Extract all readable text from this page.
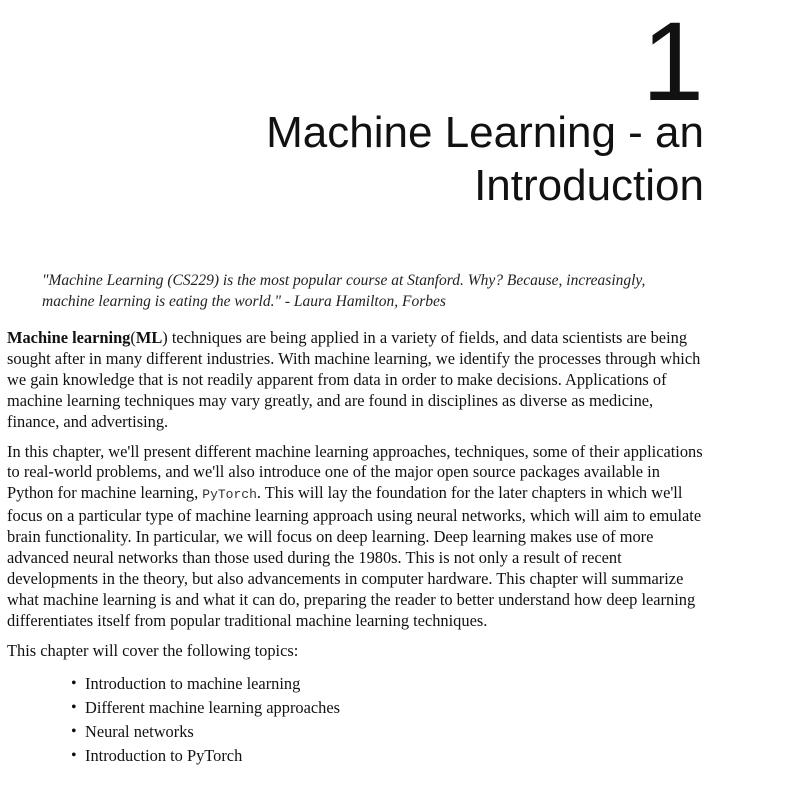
1
Machine Learning - an Introduction
"Machine Learning (CS229) is the most popular course at Stanford. Why? Because, increasingly, machine learning is eating the world." - Laura Hamilton, Forbes

Machine learning(ML) techniques are being applied in a variety of fields, and data scientists are being sought after in many different industries. With machine learning, we identify the processes through which we gain knowledge that is not readily apparent from data in order to make decisions. Applications of machine learning techniques may vary greatly, and are found in disciplines as diverse as medicine, finance, and advertising.

In this chapter, we'll present different machine learning approaches, techniques, some of their applications to real-world problems, and we'll also introduce one of the major open source packages available in Python for machine learning, PyTorch. This will lay the foundation for the later chapters in which we'll focus on a particular type of machine learning approach using neural networks, which will aim to emulate brain functionality. In particular, we will focus on deep learning. Deep learning makes use of more advanced neural networks than those used during the 1980s. This is not only a result of recent developments in the theory, but also advancements in computer hardware. This chapter will summarize what machine learning is and what it can do, preparing the reader to better understand how deep learning differentiates itself from popular traditional machine learning techniques.

This chapter will cover the following topics:

• Introduction to machine learning
• Different machine learning approaches
• Neural networks
• Introduction to PyTorch
